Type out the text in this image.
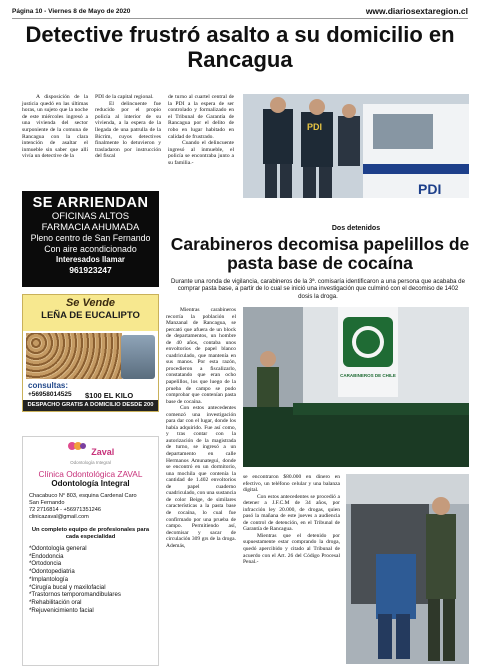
Página 10 - Viernes 8 de Mayo de 2020	www.diariosextaregion.cl
Detective frustró asalto a su domicilio en Rancagua

A disposición de la justicia quedó en las últimas horas, un sujeto que la noche de este miércoles ingresó a una vivienda del sector surponiente de la comuna de Rancagua con la clara intención de asaltar el inmueble sin saber que allí vivía un detective de la

PDI de la capital regional.

El delincuente fue reducido por el propio policía al interior de su vivienda, a la espera de la llegada de una patrulla de la Bicrim, cuyos detectives finalmente lo detuvieron y trasladaron por instrucción del fiscal

de turno al cuartel central de la PDI a la espera de ser controlado y formalizado en el Tribunal de Garantía de Rancagua por el delito de robo en lugar habitado en calidad de frustrado.

Cuando el delincuente ingresó al inmueble, el policía se encontraba junto a su familia.-

PDI
PDI
SE ARRIENDAN
OFICINAS ALTOS
FARMACIA AHUMADA
Pleno centro de San Fernando
Con aire acondicionado
Interesados llamar
961923247
Se Vende
LEÑA DE EUCALIPTO
consultas:
+56958014525 $100 EL KILO
DESPACHO GRATIS A DOMICILIO DESDE 200 KILOS
Zaval
Odontología Integral
Clínica Odontológica ZAVAL
Odontología Integral
Chacabuco N° 803, esquina Cardenal Caro
San Fernando
72 2716814 - +56971351246
clinicazaval@gmail.com
Un completo equipo de profesionales para cada especialidad
*Odontología general
*Endodoncia
*Ortodoncia
*Odontopediatria
*Implantología
*Cirugía bucal y maxilofacial
*Trastornos temporomandibulares
*Rehabilitación oral
*Rejuvenicimiento facial
Dos detenidos
Carabineros decomisa papelillos de pasta base de cocaína
Durante una ronda de vigilancia, carabineros de la 3ª. comisaría identificaron a una persona que acababa de comprar pasta base, a partir de lo cual se inició una investigación que culminó con el decomiso de 1402 dosis la droga.

Mientras carabineros recorría la población el Manzanal de Rancagua, se percató que afuera de un block de departamentos, un hombre de 40 años, contaba unos envoltorios de papel blanco cuadriculado, que mantenía en sus manos. Por esta razón, procedieron a fiscalizarlo, constatando que eran ocho papelillos, los que luego de la prueba de campo se pudo comprobar que contenían pasta base de cocaína.

Con estos antecedentes comenzó una investigación para dar con el lugar, donde los había adquirido. Fue así como, y tras contar con la autorización de la magistrada de turno, se ingresó a un departamento en calle Hermanos Amunategui, donde se encontró en un dormitorio, una mochila que contenía la cantidad de 1.402 envoltorios de papel cuaderno cuadriculado, con una sustancia de color Beige, de similares características a la pasta base de cocaína, lo cual fue confirmado por una prueba de campo. Permitiendo así, decomisar y sacar de circulación 309 grs de la droga. Además,

CARABINEROS DE CHILE

se encontraron $80.000 en dinero en efectivo, un teléfono celular y una balanza digital.

Con estos antecedentes se procedió a detener a J.F.C.M de 34 años, por infracción ley 20.000, de drogas, quien pasó la mañana de este jueves a audiencia de control de detención, en el Tribunal de Garantía de Rancagua.

Mientras que el detenido por supuestamente estar comprando la droga, quedó apercibido y citado al Tribunal de acuerdo con el Art. 26 del Código Procesal Penal.-
